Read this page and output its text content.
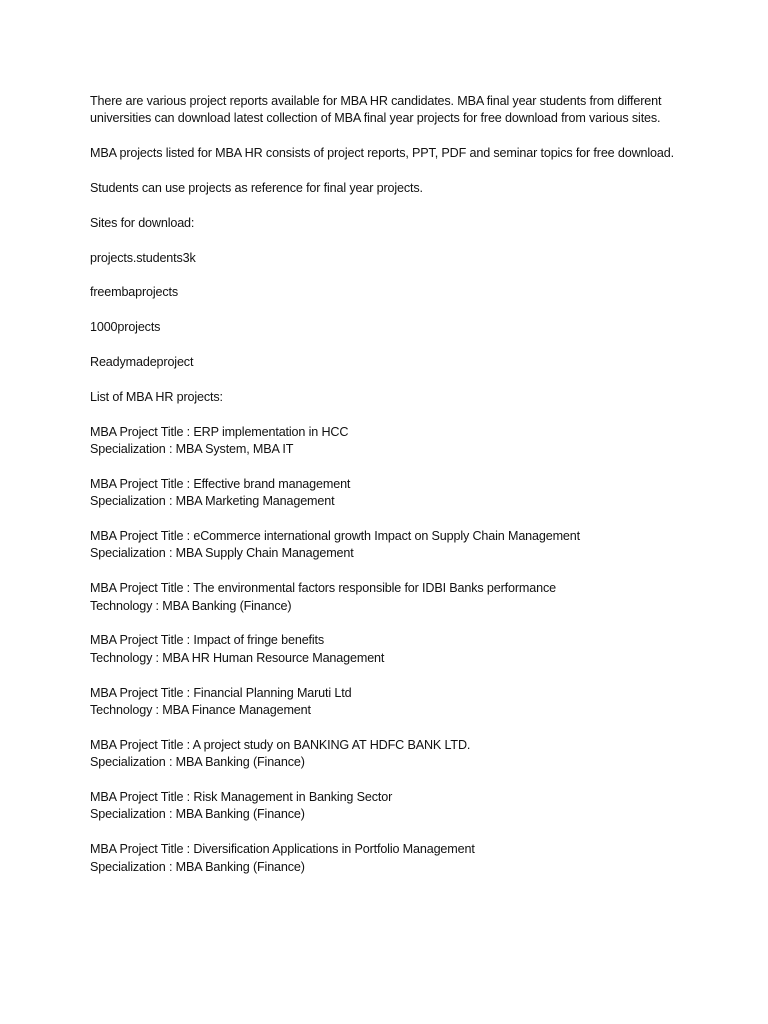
There are various project reports available for MBA HR candidates. MBA final year students from different universities can download latest collection of MBA final year projects for free download from various sites.

MBA projects listed for MBA HR consists of project reports, PPT, PDF and seminar topics for free download.

Students can use projects as reference for final year projects.

Sites for download:

projects.students3k

freembaprojects

1000projects

Readymadeproject

List of MBA HR projects:

MBA Project Title : ERP implementation in HCC
Specialization : MBA System, MBA IT
MBA Project Title : Effective brand management
Specialization : MBA Marketing Management
MBA Project Title : eCommerce international growth Impact on Supply Chain Management
Specialization : MBA Supply Chain Management
MBA Project Title : The environmental factors responsible for IDBI Banks performance
Technology : MBA Banking (Finance)
MBA Project Title : Impact of fringe benefits
Technology : MBA HR Human Resource Management
MBA Project Title : Financial Planning Maruti Ltd
Technology : MBA Finance Management
MBA Project Title : A project study on BANKING AT HDFC BANK LTD.
Specialization : MBA Banking (Finance)
MBA Project Title : Risk Management in Banking Sector
Specialization : MBA Banking (Finance)
MBA Project Title : Diversification Applications in Portfolio Management
Specialization : MBA Banking (Finance)
